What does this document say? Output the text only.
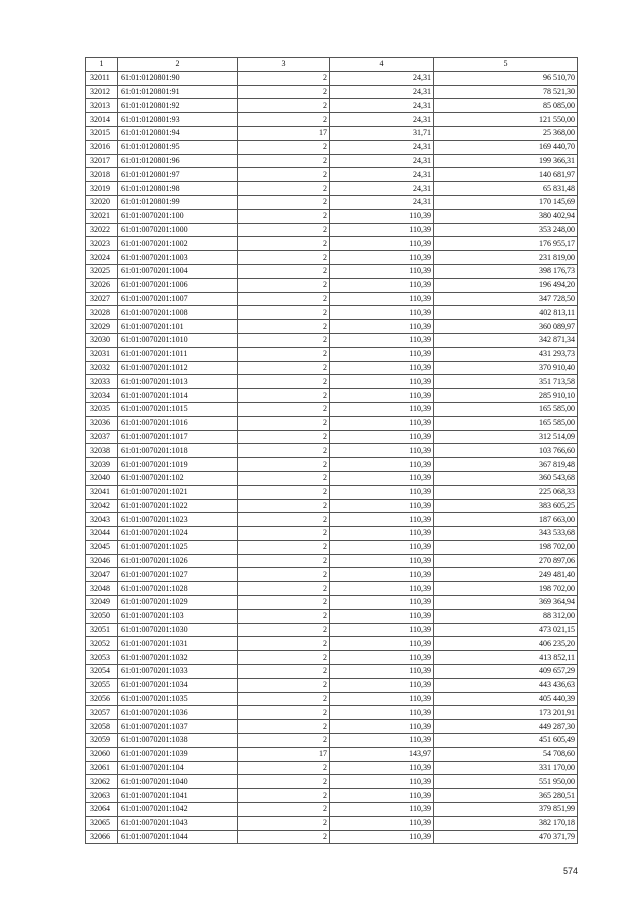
1	2	3	4	5
32011	61:01:0120801:90	2	24,31	96 510,70
32012	61:01:0120801:91	2	24,31	78 521,30
32013	61:01:0120801:92	2	24,31	85 085,00
32014	61:01:0120801:93	2	24,31	121 550,00
32015	61:01:0120801:94	17	31,71	25 368,00
32016	61:01:0120801:95	2	24,31	169 440,70
32017	61:01:0120801:96	2	24,31	199 366,31
32018	61:01:0120801:97	2	24,31	140 681,97
32019	61:01:0120801:98	2	24,31	65 831,48
32020	61:01:0120801:99	2	24,31	170 145,69
32021	61:01:0070201:100	2	110,39	380 402,94
32022	61:01:0070201:1000	2	110,39	353 248,00
32023	61:01:0070201:1002	2	110,39	176 955,17
32024	61:01:0070201:1003	2	110,39	231 819,00
32025	61:01:0070201:1004	2	110,39	398 176,73
32026	61:01:0070201:1006	2	110,39	196 494,20
32027	61:01:0070201:1007	2	110,39	347 728,50
32028	61:01:0070201:1008	2	110,39	402 813,11
32029	61:01:0070201:101	2	110,39	360 089,97
32030	61:01:0070201:1010	2	110,39	342 871,34
32031	61:01:0070201:1011	2	110,39	431 293,73
32032	61:01:0070201:1012	2	110,39	370 910,40
32033	61:01:0070201:1013	2	110,39	351 713,58
32034	61:01:0070201:1014	2	110,39	285 910,10
32035	61:01:0070201:1015	2	110,39	165 585,00
32036	61:01:0070201:1016	2	110,39	165 585,00
32037	61:01:0070201:1017	2	110,39	312 514,09
32038	61:01:0070201:1018	2	110,39	103 766,60
32039	61:01:0070201:1019	2	110,39	367 819,48
32040	61:01:0070201:102	2	110,39	360 543,68
32041	61:01:0070201:1021	2	110,39	225 068,33
32042	61:01:0070201:1022	2	110,39	383 605,25
32043	61:01:0070201:1023	2	110,39	187 663,00
32044	61:01:0070201:1024	2	110,39	343 533,68
32045	61:01:0070201:1025	2	110,39	198 702,00
32046	61:01:0070201:1026	2	110,39	270 897,06
32047	61:01:0070201:1027	2	110,39	249 481,40
32048	61:01:0070201:1028	2	110,39	198 702,00
32049	61:01:0070201:1029	2	110,39	369 364,94
32050	61:01:0070201:103	2	110,39	88 312,00
32051	61:01:0070201:1030	2	110,39	473 021,15
32052	61:01:0070201:1031	2	110,39	406 235,20
32053	61:01:0070201:1032	2	110,39	413 852,11
32054	61:01:0070201:1033	2	110,39	409 657,29
32055	61:01:0070201:1034	2	110,39	443 436,63
32056	61:01:0070201:1035	2	110,39	405 440,39
32057	61:01:0070201:1036	2	110,39	173 201,91
32058	61:01:0070201:1037	2	110,39	449 287,30
32059	61:01:0070201:1038	2	110,39	451 605,49
32060	61:01:0070201:1039	17	143,97	54 708,60
32061	61:01:0070201:104	2	110,39	331 170,00
32062	61:01:0070201:1040	2	110,39	551 950,00
32063	61:01:0070201:1041	2	110,39	365 280,51
32064	61:01:0070201:1042	2	110,39	379 851,99
32065	61:01:0070201:1043	2	110,39	382 170,18
32066	61:01:0070201:1044	2	110,39	470 371,79
574
